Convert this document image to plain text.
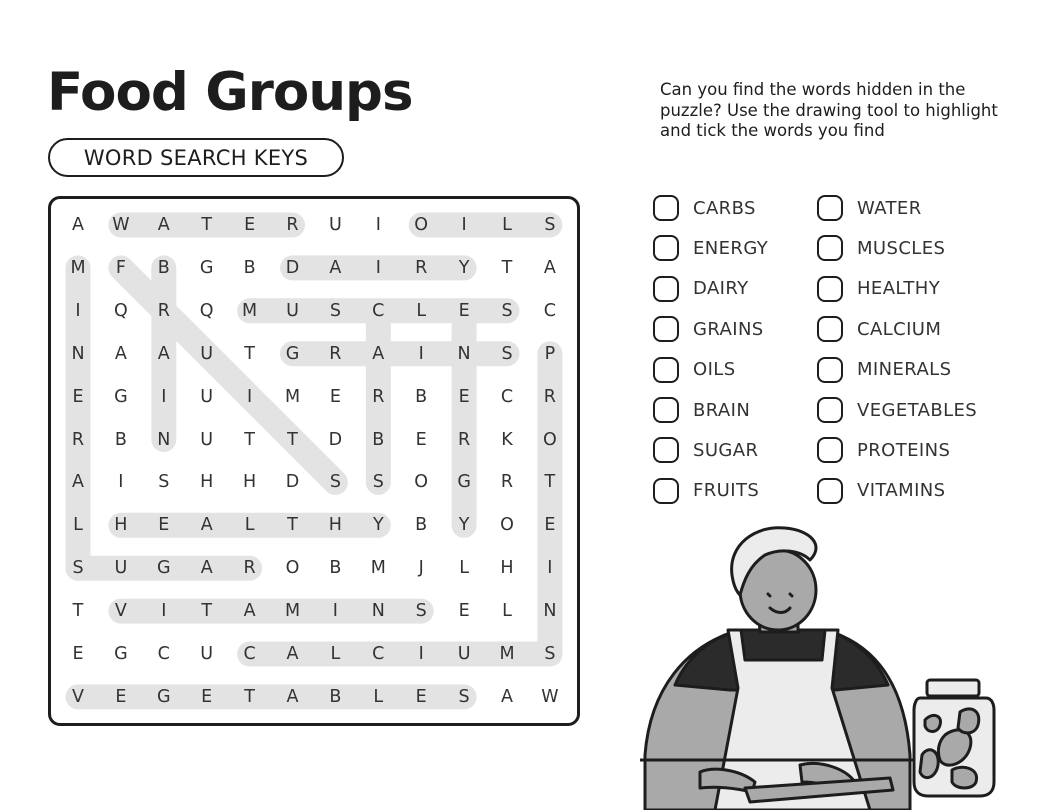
Food Groups
WORD SEARCH KEYS

Can you find the words hidden in the puzzle? Use the drawing tool to highlight and tick the words you find

A	W	A	T	E	R	U	I	O	I	L	S
M	F	B	G	B	D	A	I	R	Y	T	A
I	Q	R	Q	M	U	S	C	L	E	S	C
N	A	A	U	T	G	R	A	I	N	S	P
E	G	I	U	I	M	E	R	B	E	C	R
R	B	N	U	T	T	D	B	E	R	K	O
A	I	S	H	H	D	S	S	O	G	R	T
L	H	E	A	L	T	H	Y	B	Y	O	E
S	U	G	A	R	O	B	M	J	L	H	I
T	V	I	T	A	M	I	N	S	E	L	N
E	G	C	U	C	A	L	C	I	U	M	S
V	E	G	E	T	A	B	L	E	S	A	W
CARBS
ENERGY
DAIRY
GRAINS
OILS
BRAIN
SUGAR
FRUITS
WATER
MUSCLES
HEALTHY
CALCIUM
MINERALS
VEGETABLES
PROTEINS
VITAMINS
